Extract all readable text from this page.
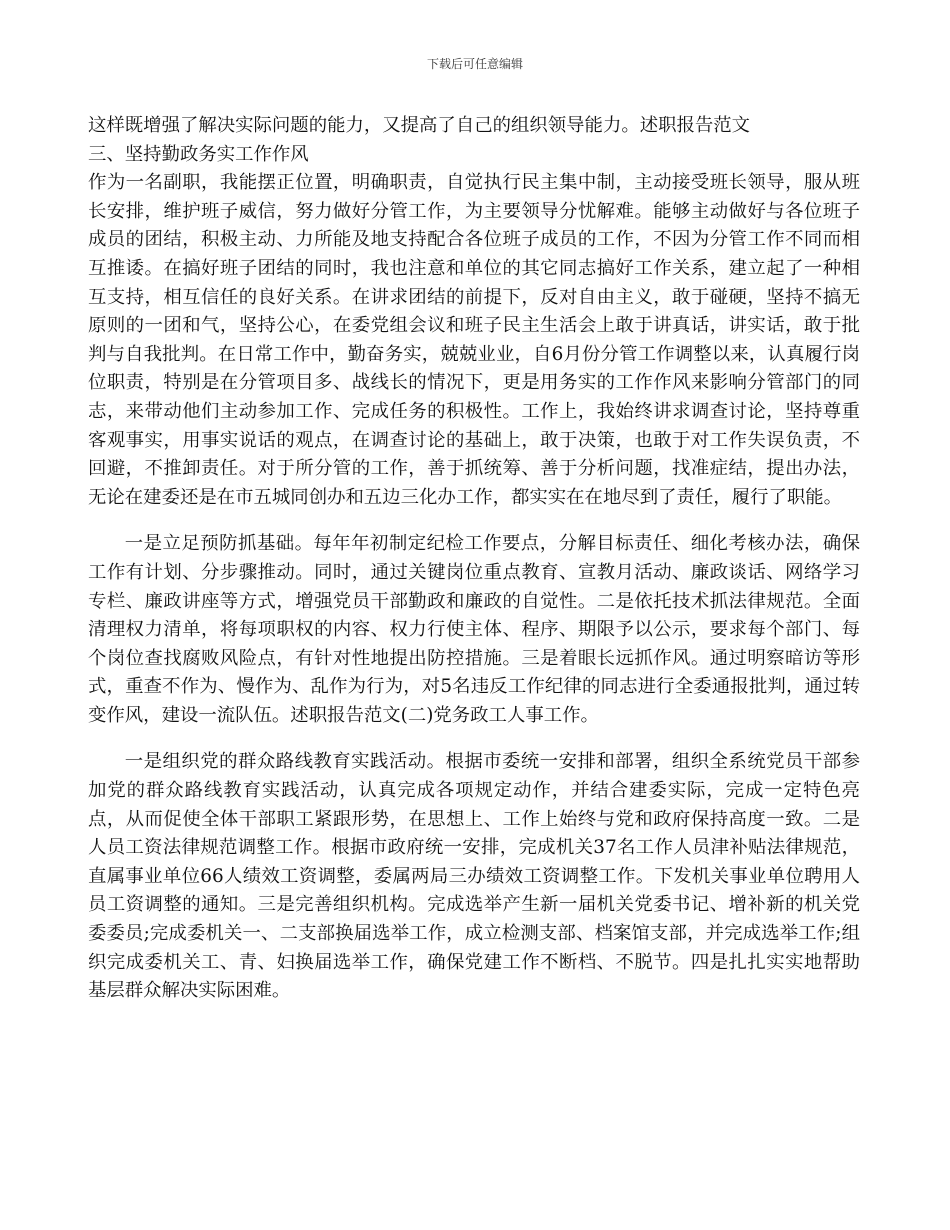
下载后可任意编辑

这样既增强了解决实际问题的能力，又提高了自己的组织领导能力。述职报告范文

三、坚持勤政务实工作作风

作为一名副职，我能摆正位置，明确职责，自觉执行民主集中制，主动接受班长领导，服从班长安排，维护班子威信，努力做好分管工作，为主要领导分忧解难。能够主动做好与各位班子成员的团结，积极主动、力所能及地支持配合各位班子成员的工作，不因为分管工作不同而相互推诿。在搞好班子团结的同时，我也注意和单位的其它同志搞好工作关系，建立起了一种相互支持，相互信任的良好关系。在讲求团结的前提下，反对自由主义，敢于碰硬，坚持不搞无原则的一团和气，坚持公心，在委党组会议和班子民主生活会上敢于讲真话，讲实话，敢于批判与自我批判。在日常工作中，勤奋务实，兢兢业业，自6月份分管工作调整以来，认真履行岗位职责，特别是在分管项目多、战线长的情况下，更是用务实的工作作风来影响分管部门的同志，来带动他们主动参加工作、完成任务的积极性。工作上，我始终讲求调查讨论，坚持尊重客观事实，用事实说话的观点，在调查讨论的基础上，敢于决策，也敢于对工作失误负责，不回避，不推卸责任。对于所分管的工作，善于抓统筹、善于分析问题，找准症结，提出办法，无论在建委还是在市五城同创办和五边三化办工作，都实实在在地尽到了责任，履行了职能。

一是立足预防抓基础。每年年初制定纪检工作要点，分解目标责任、细化考核办法，确保工作有计划、分步骤推动。同时，通过关键岗位重点教育、宣教月活动、廉政谈话、网络学习专栏、廉政讲座等方式，增强党员干部勤政和廉政的自觉性。二是依托技术抓法律规范。全面清理权力清单，将每项职权的内容、权力行使主体、程序、期限予以公示，要求每个部门、每个岗位查找腐败风险点，有针对性地提出防控措施。三是着眼长远抓作风。通过明察暗访等形式，重查不作为、慢作为、乱作为行为，对5名违反工作纪律的同志进行全委通报批判，通过转变作风，建设一流队伍。述职报告范文(二)党务政工人事工作。

一是组织党的群众路线教育实践活动。根据市委统一安排和部署，组织全系统党员干部参加党的群众路线教育实践活动，认真完成各项规定动作，并结合建委实际，完成一定特色亮点，从而促使全体干部职工紧跟形势，在思想上、工作上始终与党和政府保持高度一致。二是人员工资法律规范调整工作。根据市政府统一安排，完成机关37名工作人员津补贴法律规范，直属事业单位66人绩效工资调整，委属两局三办绩效工资调整工作。下发机关事业单位聘用人员工资调整的通知。三是完善组织机构。完成选举产生新一届机关党委书记、增补新的机关党委委员;完成委机关一、二支部换届选举工作，成立检测支部、档案馆支部，并完成选举工作;组织完成委机关工、青、妇换届选举工作，确保党建工作不断档、不脱节。四是扎扎实实地帮助基层群众解决实际困难。
